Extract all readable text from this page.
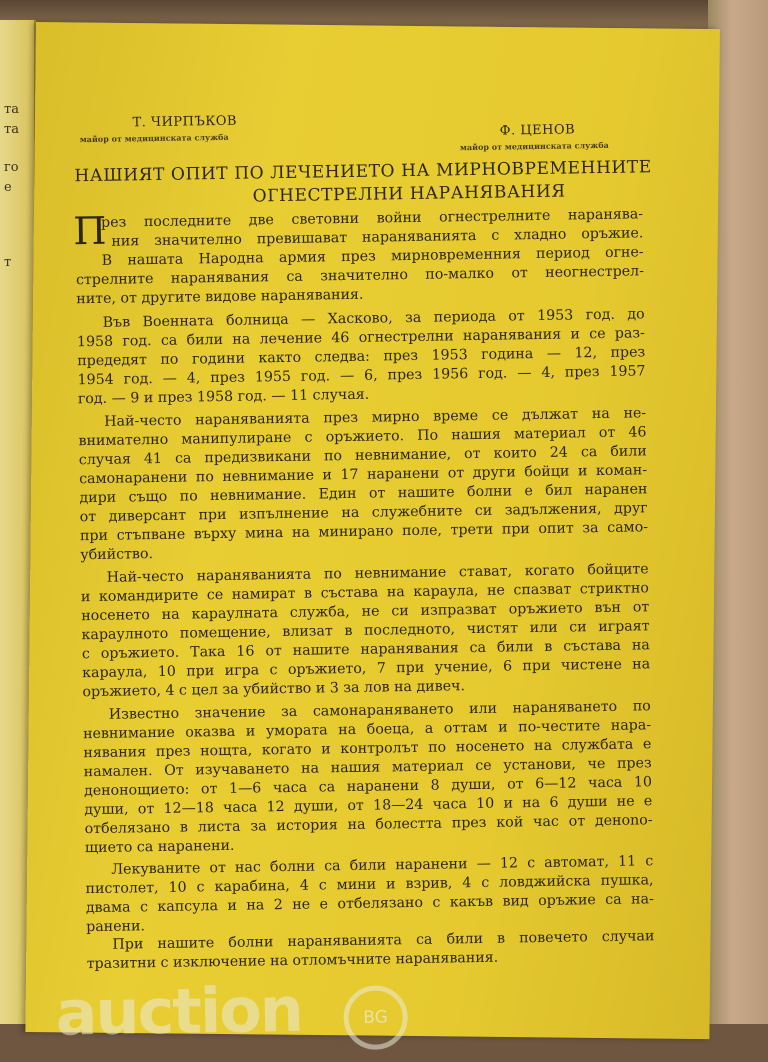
та
та
го
е
т
Т. ЧИРПЪКОВ
майор от медицинската служба	Ф. ЦЕНОВ
майор от медицинската служба
НАШИЯТ ОПИТ ПО ЛЕЧЕНИЕТО НА МИРНОВРЕМЕННИТЕ
ОГНЕСТРЕЛНИ НАРАНЯВАНИЯ
П
рез последните две световни войни огнестрелните наранява-
ния значително превишават нараняванията с хладно оръжие.
В нашата Народна армия през мирновременния период огне-
стрелните наранявания са значително по-малко от неогнестрел-
ните, от другите видове наранявания.
Във Военната болница — Хасково, за периода от 1953 год. до
1958 год. са били на лечение 46 огнестрелни наранявания и се раз-
предедят по години както следва: през 1953 година — 12, през
1954 год. — 4, през 1955 год. — 6, през 1956 год. — 4, през 1957
год. — 9 и през 1958 год. — 11 случая.
Най-често нараняванията през мирно време се дължат на не-
внимателно манипулиране с оръжието. По нашия материал от 46
случая 41 са предизвикани по невнимание, от които 24 са били
самонаранени по невнимание и 17 наранени от други бойци и коман-
дири също по невнимание. Един от нашите болни е бил наранен
от диверсант при изпълнение на служебните си задължения, друг
при стъпване върху мина на минирано поле, трети при опит за само-
убийство.
Най-често нараняванията по невнимание стават, когато бойците
и командирите се намират в състава на караула, не спазват стриктно
носенето на караулната служба, не си изпразват оръжието вън от
караулното помещение, влизат в последното, чистят или си играят
с оръжието. Така 16 от нашите наранявания са били в състава на
караула, 10 при игра с оръжието, 7 при учение, 6 при чистене на
оръжието, 4 с цел за убийство и 3 за лов на дивеч.
Известно значение за самонараняването или нараняването по
невнимание оказва и умората на боеца, а оттам и по-честите нара-
нявания през нощта, когато и контролът по носенето на службата е
намален. От изучаването на нашия материал се установи, че през
денонощието: от 1—6 часа са наранени 8 души, от 6—12 часа 10
души, от 12—18 часа 12 души, от 18—24 часа 10 и на 6 души не е
отбелязано в листа за история на болестта през кой час от денono-
щието са наранени.
Лекуваните от нас болни са били наранени — 12 с автомат, 11 с
пистолет, 10 с карабина, 4 с мини и взрив, 4 с ловджийска пушка,
двама с капсула и на 2 не е отбелязано с какъв вид оръжие са на-
ранени.
При нашите болни нараняванията са били в повечето случаи
тразитни с изключение на отломъчните наранявания.
auction	BG
